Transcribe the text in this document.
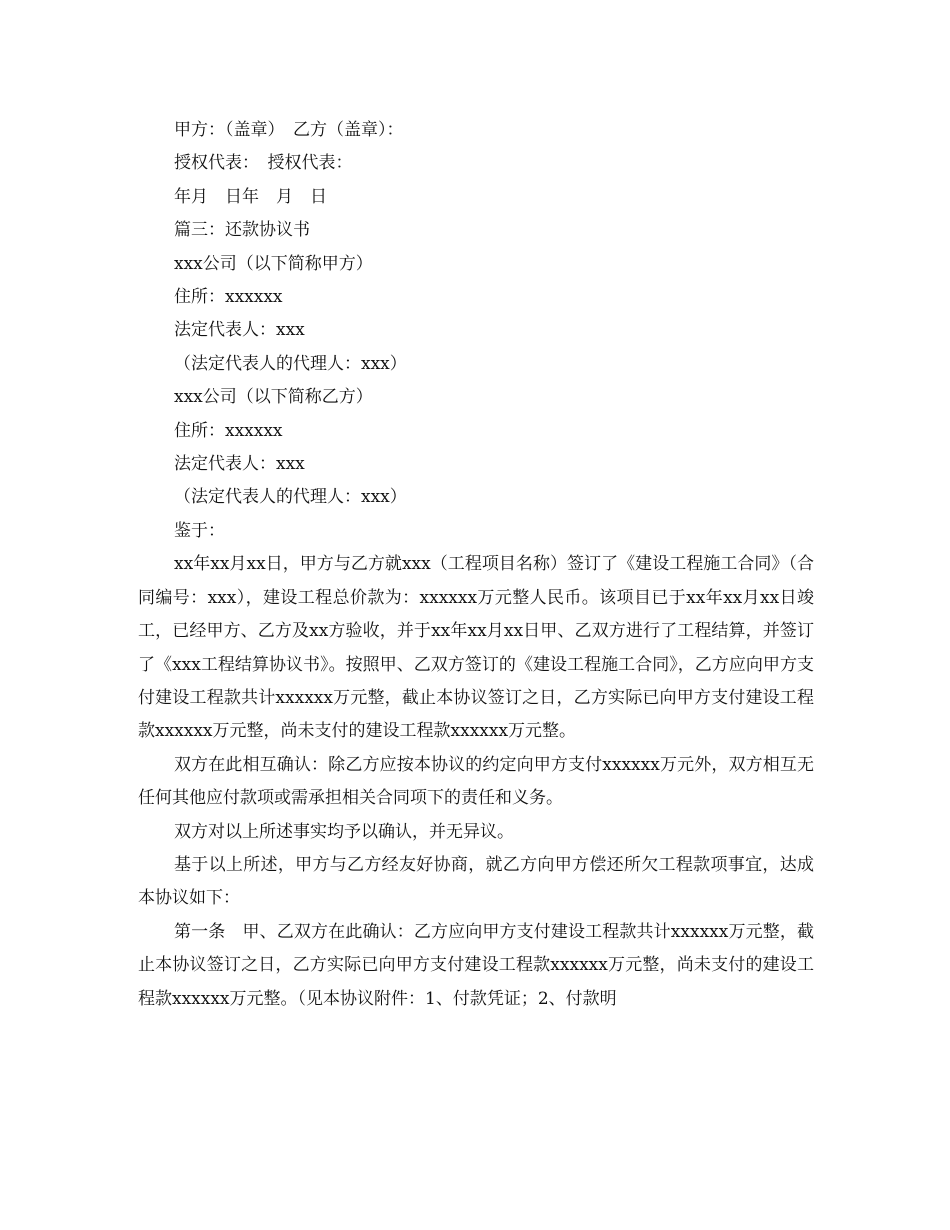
甲方：（盖章）　乙方（盖章）：

授权代表：　授权代表：

年月　日年　月　日

篇三：还款协议书

xxx公司（以下简称甲方）

住所：xxxxxx

法定代表人：xxx

（法定代表人的代理人：xxx）

xxx公司（以下简称乙方）

住所：xxxxxx

法定代表人：xxx

（法定代表人的代理人：xxx）

鉴于：

xx年xx月xx日，甲方与乙方就xxx（工程项目名称）签订了《建设工程施工合同》（合同编号：xxx），建设工程总价款为：xxxxxx万元整人民币。该项目已于xx年xx月xx日竣工，已经甲方、乙方及xx方验收，并于xx年xx月xx日甲、乙双方进行了工程结算，并签订了《xxx工程结算协议书》。按照甲、乙双方签订的《建设工程施工合同》，乙方应向甲方支付建设工程款共计xxxxxx万元整，截止本协议签订之日，乙方实际已向甲方支付建设工程款xxxxxx万元整，尚未支付的建设工程款xxxxxx万元整。

双方在此相互确认：除乙方应按本协议的约定向甲方支付xxxxxx万元外，双方相互无任何其他应付款项或需承担相关合同项下的责任和义务。

双方对以上所述事实均予以确认，并无异议。

基于以上所述，甲方与乙方经友好协商，就乙方向甲方偿还所欠工程款项事宜，达成本协议如下：

第一条　甲、乙双方在此确认：乙方应向甲方支付建设工程款共计xxxxxx万元整，截止本协议签订之日，乙方实际已向甲方支付建设工程款xxxxxx万元整，尚未支付的建设工程款xxxxxx万元整。（见本协议附件：1、付款凭证；2、付款明
